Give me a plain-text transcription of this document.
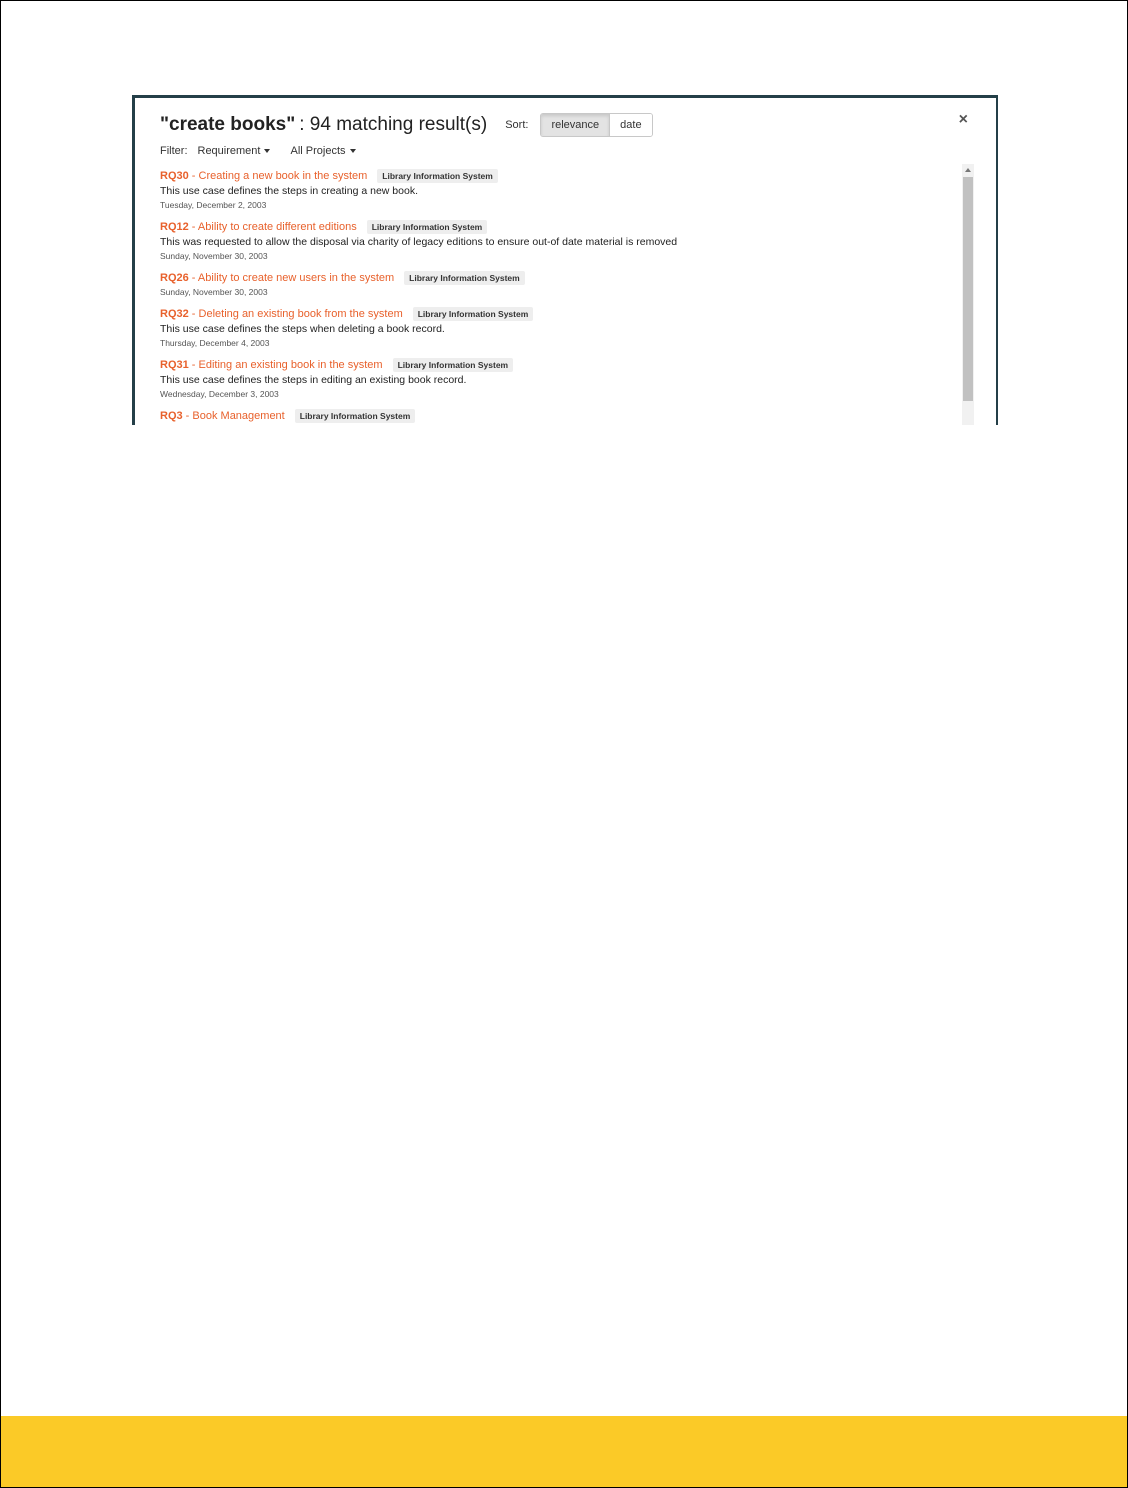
"create books" : 94 matching result(s) Sort:	relevance	date	×
Filter: Requirement	All Projects
RQ30 - Creating a new book in the system	Library Information System
This use case defines the steps in creating a new book.
Tuesday, December 2, 2003
RQ12 - Ability to create different editions	Library Information System
This was requested to allow the disposal via charity of legacy editions to ensure out-of date material is removed
Sunday, November 30, 2003
RQ26 - Ability to create new users in the system	Library Information System
Sunday, November 30, 2003
RQ32 - Deleting an existing book from the system	Library Information System
This use case defines the steps when deleting a book record.
Thursday, December 4, 2003
RQ31 - Editing an existing book in the system	Library Information System
This use case defines the steps in editing an existing book record.
Wednesday, December 3, 2003
RQ3 - Book Management	Library Information System
